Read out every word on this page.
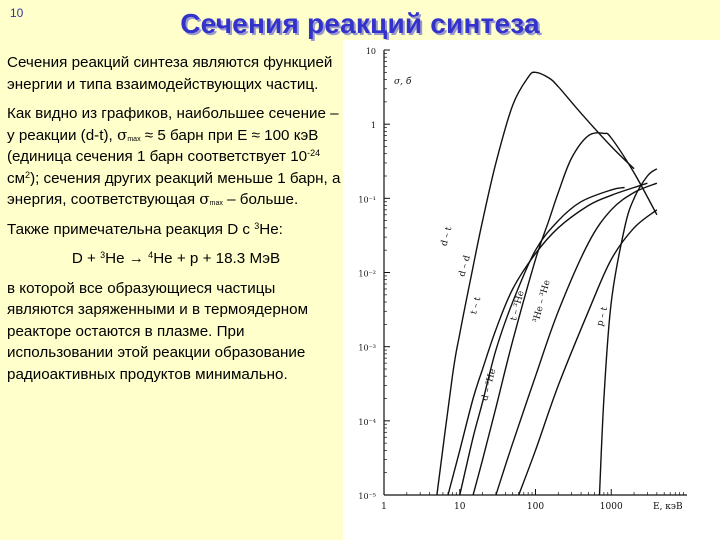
10	Сечения реакций синтеза

Сечения реакций синтеза являются функцией энергии и типа взаимодействующих частиц.

Как видно из графиков, наибольшее сечение – у реакции (d-t), $\sigma_{max} \approx 5$ барн при Е ≈ 100 кэВ (единица сечения 1 барн соответствует $10^{-24}$ $см^2$); сечения других реакций меньше 1 барн, а энергия, соответствующая $\sigma_{max}$ – больше.

Также примечательна реакция D с $^3$He:

D + $^3$He → $^4$He + p + 18.3 МэВ

в которой все образующиеся частицы являются заряженными и в термоядерном реакторе остаются в плазме. При использовании этой реакции образование радиоактивных продуктов минимально.

10
1
10⁻¹
10⁻²
10⁻³
10⁻⁴
10⁻⁵
1	10	100	1000	E, кэВ
σ, б
d – t
d – d
t – t
d – ³He
t – ³He ³He – ³He	p – t
